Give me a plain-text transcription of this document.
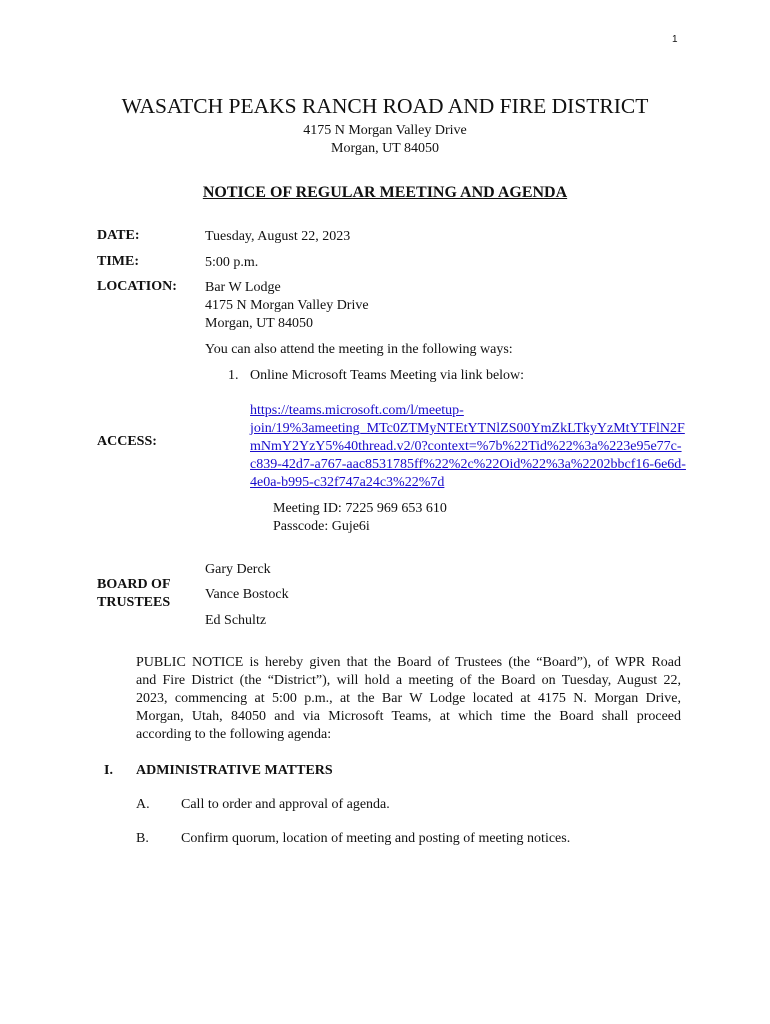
1
WASATCH PEAKS RANCH ROAD AND FIRE DISTRICT
4175 N Morgan Valley Drive
Morgan, UT 84050
NOTICE OF REGULAR MEETING AND AGENDA
DATE:	Tuesday, August 22, 2023
TIME:	5:00 p.m.
LOCATION: Bar W Lodge
4175 N Morgan Valley Drive
Morgan, UT 84050
You can also attend the meeting in the following ways:
1. Online Microsoft Teams Meeting via link below:
ACCESS:
https://teams.microsoft.com/l/meetup-
join/19%3ameeting_MTc0ZTMyNTEtYTNlZS00YmZkLTkyYzMtYTFlN2F
mNmY2YzY5%40thread.v2/0?context=%7b%22Tid%22%3a%223e95e77c-
c839-42d7-a767-aac8531785ff%22%2c%22Oid%22%3a%2202bbcf16-6e6d-
4e0a-b995-c32f747a24c3%22%7d
Meeting ID: 7225 969 653 610
Passcode: Guje6i
Gary Derck
BOARD OF
Vance Bostock
TRUSTEES
Ed Schultz
PUBLIC NOTICE is hereby given that the Board of Trustees (the “Board”), of WPR Road
and Fire District (the “District”), will hold a meeting of the Board on Tuesday, August 22,
2023, commencing at 5:00 p.m., at the Bar W Lodge located at 4175 N. Morgan Drive,
Morgan, Utah, 84050 and via Microsoft Teams, at which time the Board shall proceed
according to the following agenda:
I. ADMINISTRATIVE MATTERS
A. Call to order and approval of agenda.
B. Confirm quorum, location of meeting and posting of meeting notices.
